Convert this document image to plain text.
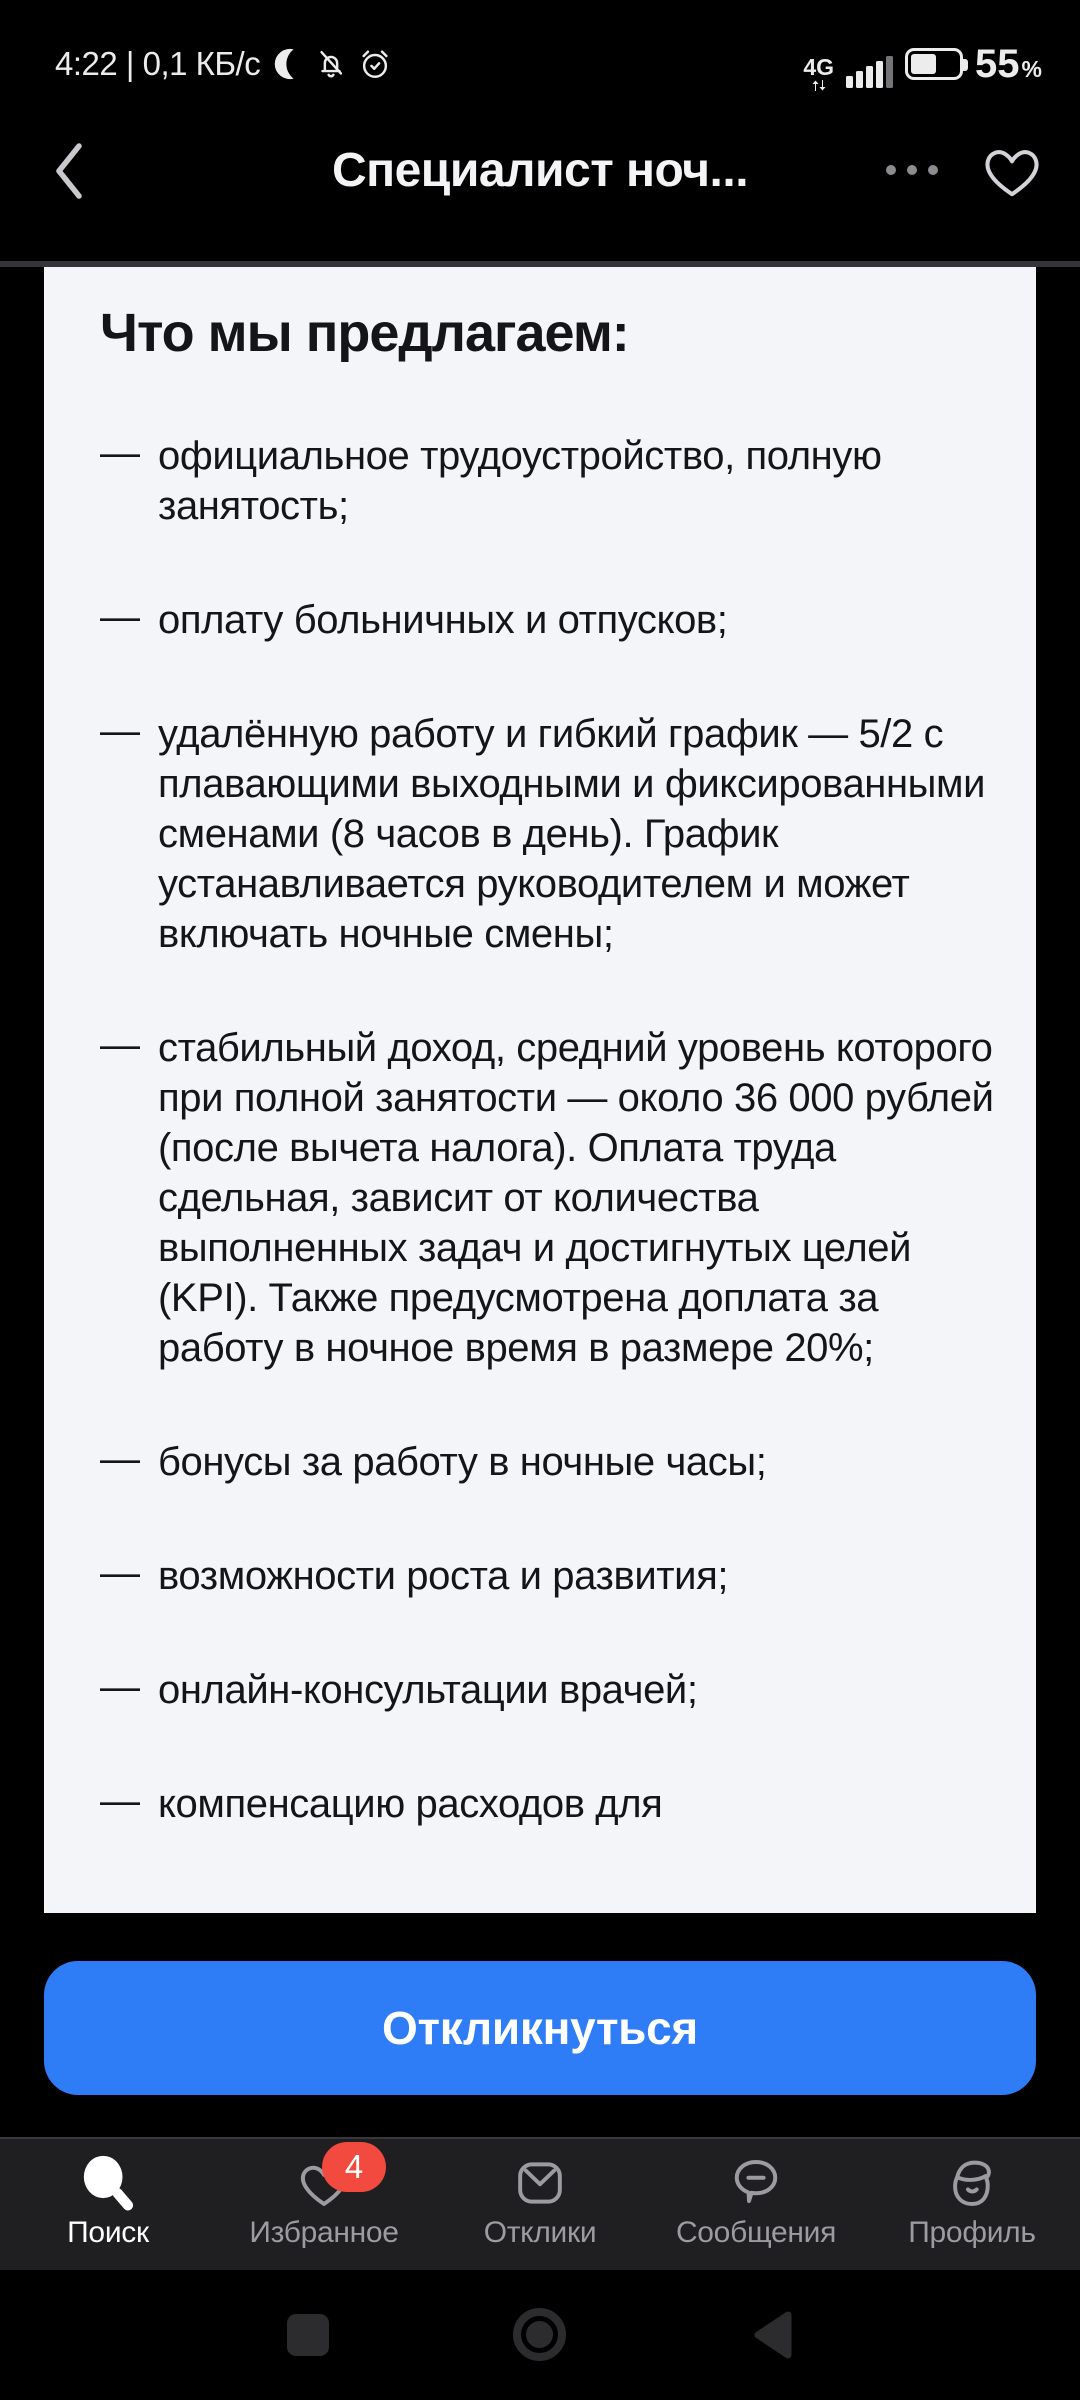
4:22 | 0,1 КБ/с	4G	55 %
Специалист ноч...
Что мы предлагаем:
— официальное трудоустройство, полную занятость;
— оплату больничных и отпусков;
— удалённую работу и гибкий график — 5/2 с плавающими выходными и фиксированными сменами (8 часов в день). График устанавливается руководителем и может включать ночные смены;
— стабильный доход, средний уровень которого при полной занятости — около 36 000 рублей (после вычета налога). Оплата труда сдельная, зависит от количества выполненных задач и достигнутых целей (KPI). Также предусмотрена доплата за работу в ночное время в размере 20%;
— бонусы за работу в ночные часы;
— возможности роста и развития;
— онлайн-консультации врачей;
— компенсацию расходов для
Откликнуться
Поиск
4
Избранное	Отклики	Сообщения Профиль
